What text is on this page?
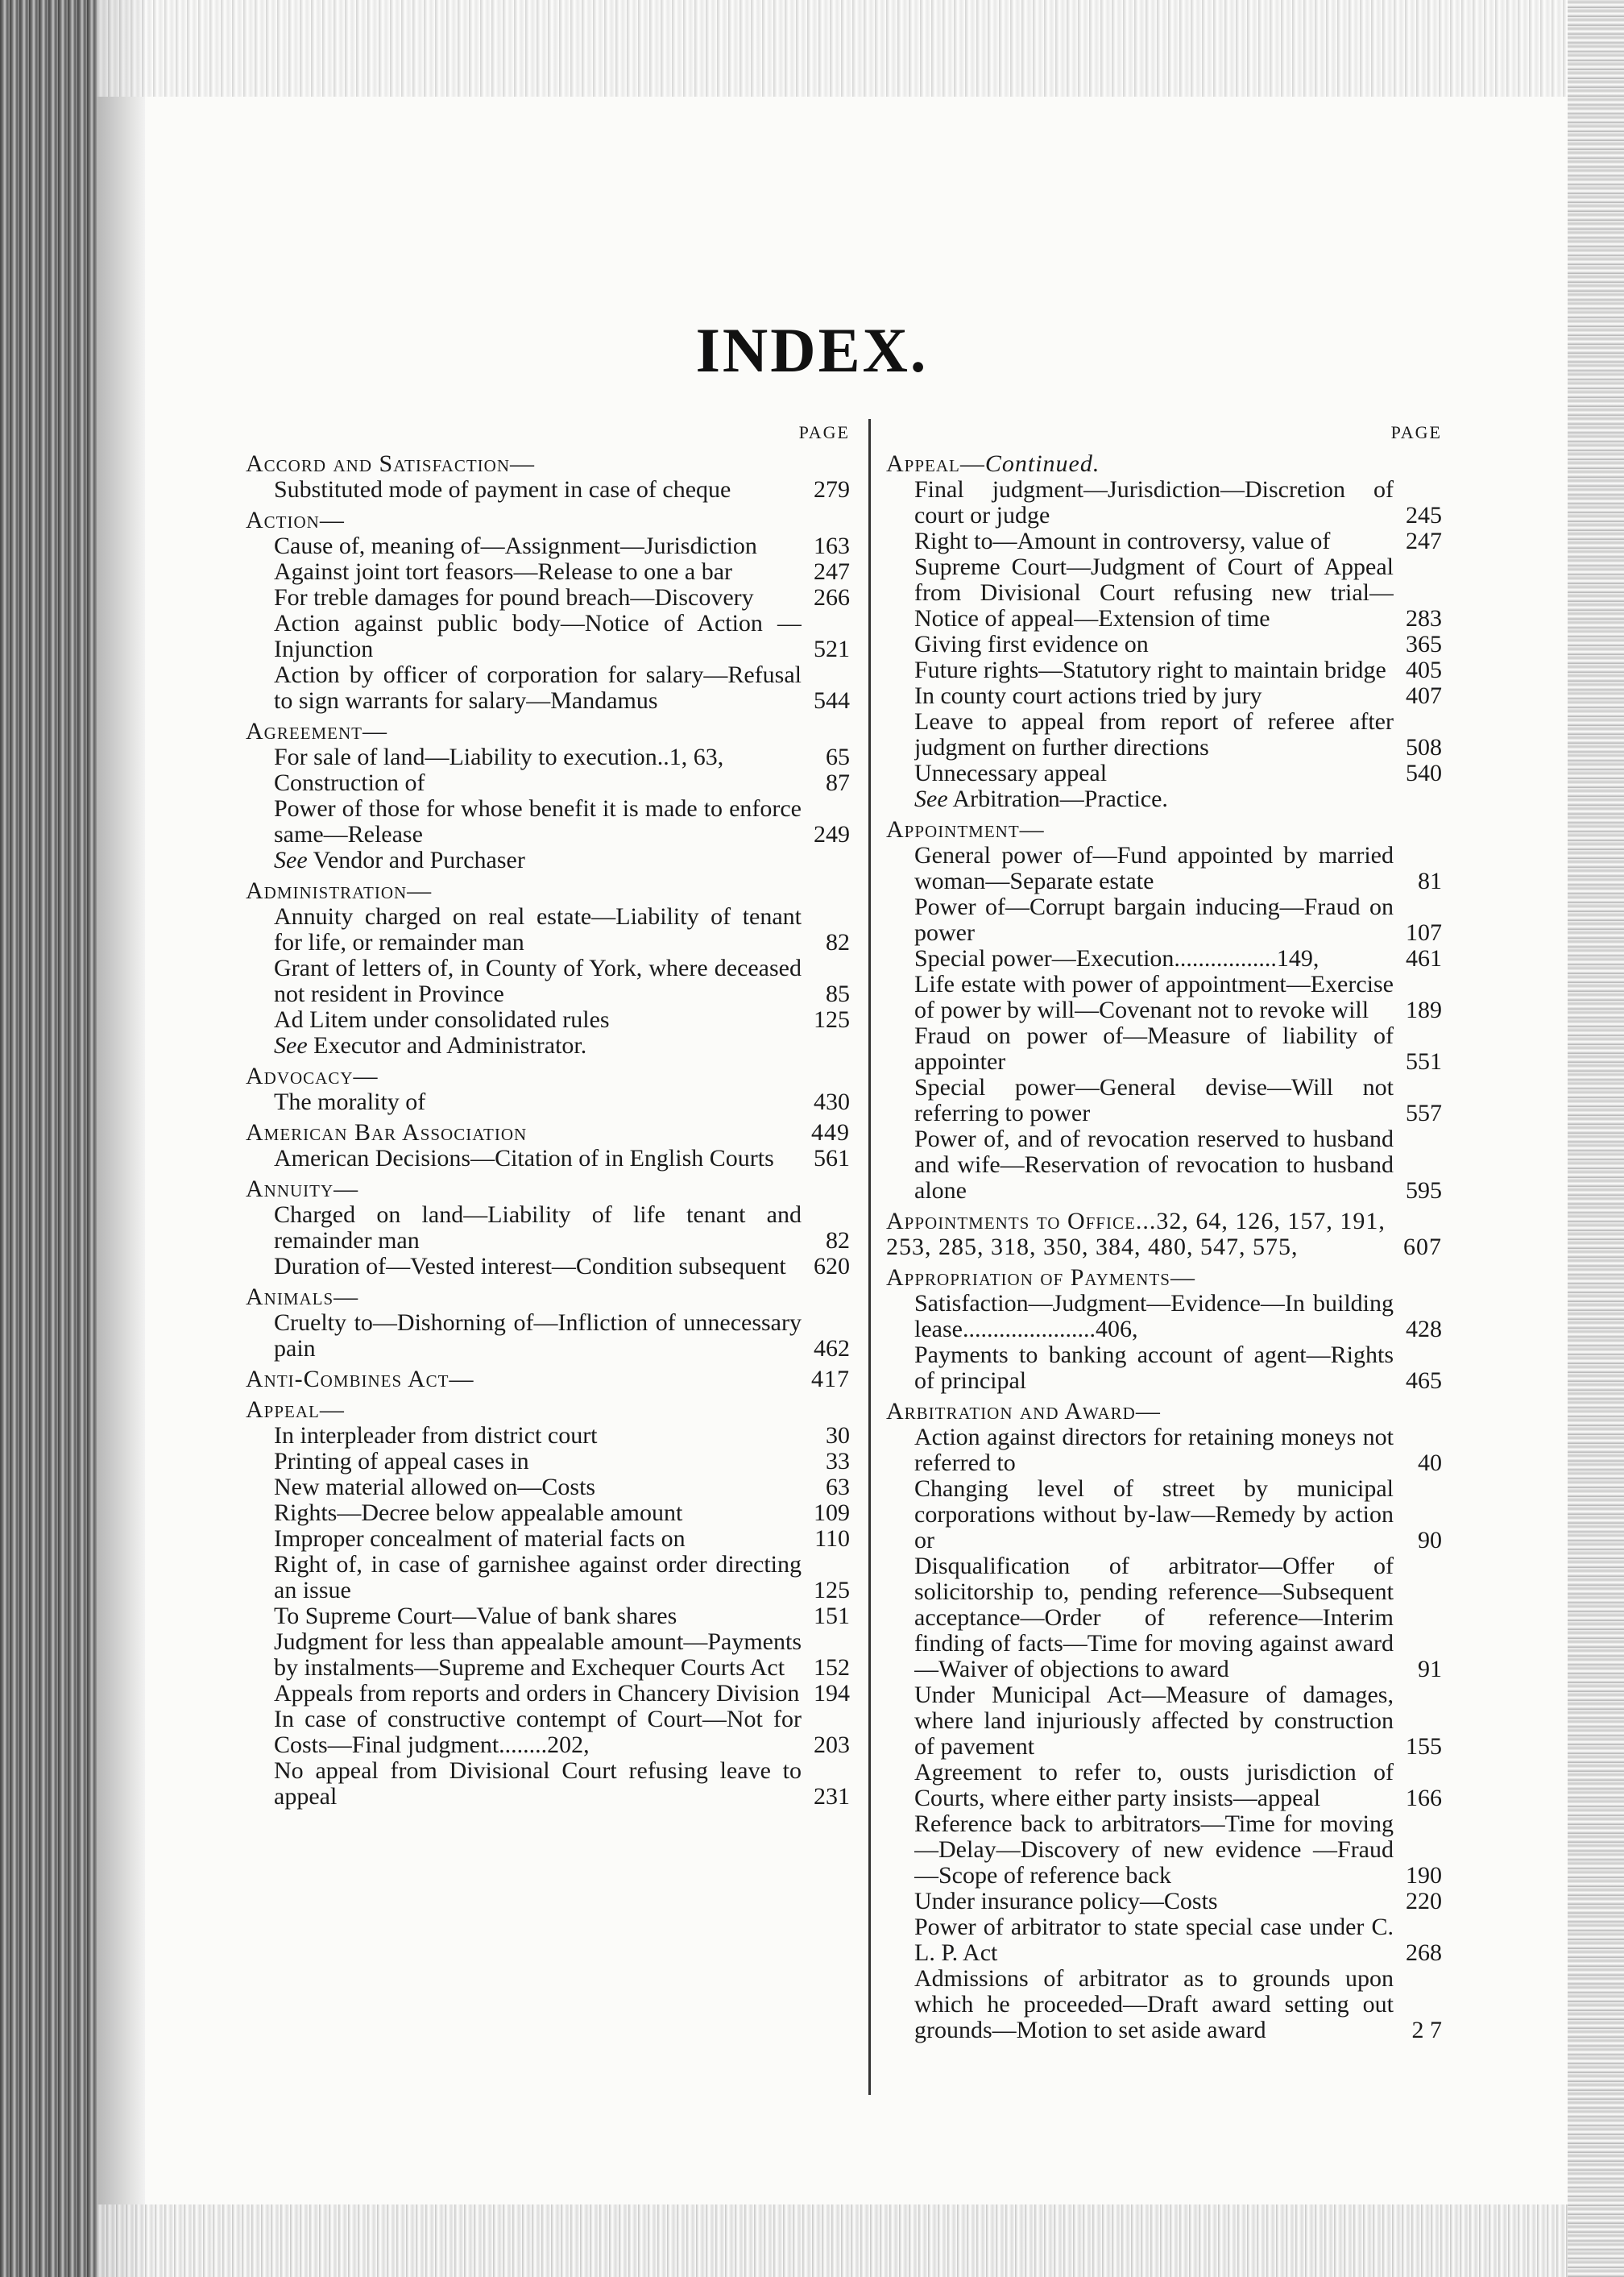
INDEX.
PAGE
Accord and Satisfaction—
Substituted mode of payment in case of cheque	279
Action—
Cause of, meaning of—Assignment—Jurisdiction	163
Against joint tort feasors—Release to one a bar	247
For treble damages for pound breach—Discovery	266
Action against public body—Notice of Action —Injunction	521
Action by officer of corporation for salary—Refusal to sign warrants for salary—Mandamus	544
Agreement—
For sale of land—Liability to execution..1, 63,	65
Construction of	87
Power of those for whose benefit it is made to enforce same—Release	249
See Vendor and Purchaser
Administration—
Annuity charged on real estate—Liability of tenant for life, or remainder man	82
Grant of letters of, in County of York, where deceased not resident in Province	85
Ad Litem under consolidated rules	125
See Executor and Administrator.
Advocacy—
The morality of	430
American Bar Association	449
American Decisions—Citation of in English Courts	561
Annuity—
Charged on land—Liability of life tenant and remainder man	82
Duration of—Vested interest—Condition subsequent	620
Animals—
Cruelty to—Dishorning of—Infliction of unnecessary pain	462
Anti-Combines Act—	417
Appeal—
In interpleader from district court	30
Printing of appeal cases in	33
New material allowed on—Costs	63
Rights—Decree below appealable amount	109
Improper concealment of material facts on	110
Right of, in case of garnishee against order directing an issue	125
To Supreme Court—Value of bank shares	151
Judgment for less than appealable amount—Payments by instalments—Supreme and Exchequer Courts Act	152
Appeals from reports and orders in Chancery Division 194
In case of constructive contempt of Court—Not for Costs—Final judgment........202,	203
No appeal from Divisional Court refusing leave to appeal	231
PAGE
Appeal—Continued.
Final judgment—Jurisdiction—Discretion of court or judge	245
Right to—Amount in controversy, value of	247
Supreme Court—Judgment of Court of Appeal from Divisional Court refusing new trial—Notice of appeal—Extension of time	283
Giving first evidence on	365
Future rights—Statutory right to maintain bridge 405
In county court actions tried by jury	407
Leave to appeal from report of referee after judgment on further directions	508
Unnecessary appeal	540
See Arbitration—Practice.
Appointment—
General power of—Fund appointed by married woman—Separate estate	81
Power of—Corrupt bargain inducing—Fraud on power	107
Special power—Execution.................149,	461
Life estate with power of appointment—Exercise of power by will—Covenant not to revoke will	189
Fraud on power of—Measure of liability of appointer	551
Special power—General devise—Will not referring to power	557
Power of, and of revocation reserved to husband and wife—Reservation of revocation to husband alone	595
Appointments to Office...32, 64, 126, 157, 191, 253, 285, 318, 350, 384, 480, 547, 575,	607
Appropriation of Payments—
Satisfaction—Judgment—Evidence—In building lease......................406,	428
Payments to banking account of agent—Rights of principal	465
Arbitration and Award—
Action against directors for retaining moneys not referred to	40
Changing level of street by municipal corporations without by-law—Remedy by action or	90
Disqualification of arbitrator—Offer of solicitorship to, pending reference—Subsequent acceptance—Order of reference—Interim finding of facts—Time for moving against award—Waiver of objections to award	91
Under Municipal Act—Measure of damages, where land injuriously affected by construction of pavement	155
Agreement to refer to, ousts jurisdiction of Courts, where either party insists—appeal	166
Reference back to arbitrators—Time for moving—Delay—Discovery of new evidence —Fraud—Scope of reference back	190
Under insurance policy—Costs	220
Power of arbitrator to state special case under C. L. P. Act	268
Admissions of arbitrator as to grounds upon which he proceeded—Draft award setting out grounds—Motion to set aside award	2 7
